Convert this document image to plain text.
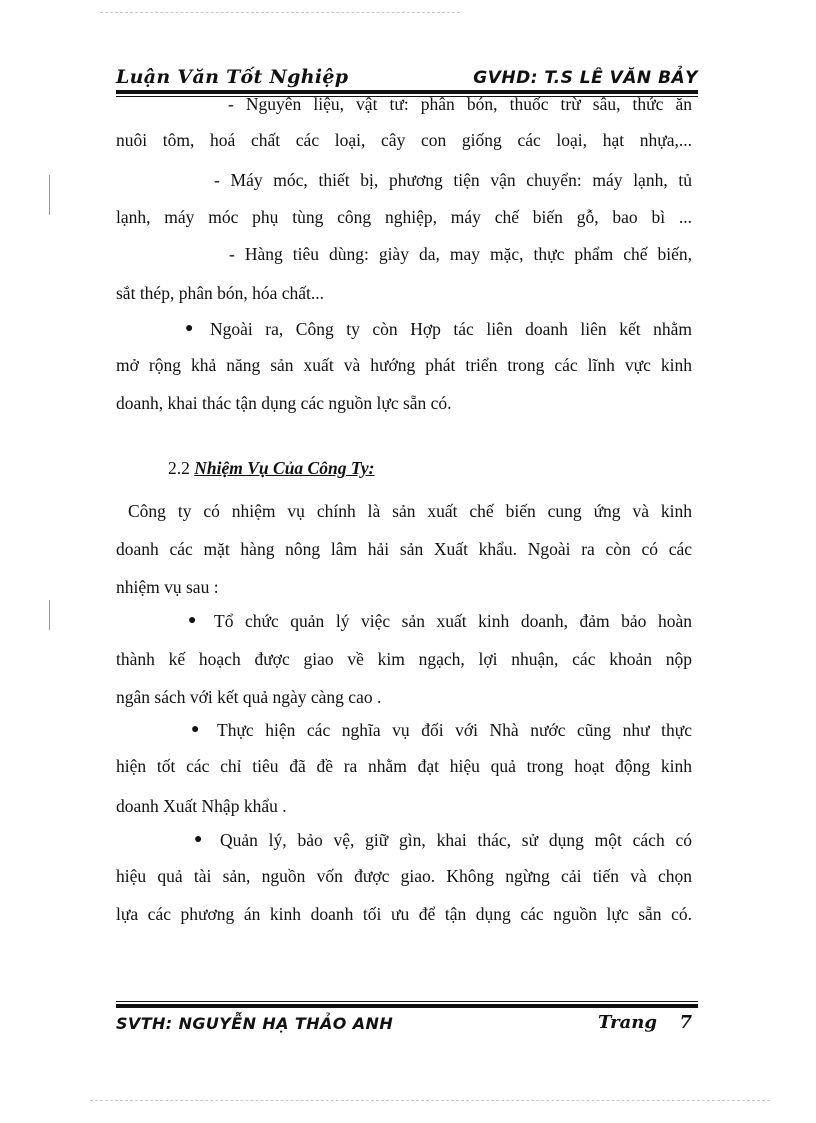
Luận Văn Tốt Nghiệp	GVHD: T.S LÊ VĂN BẢY
- Nguyên liệu, vật tư: phân bón, thuốc trừ sâu, thức ăn
nuôi tôm, hoá chất các loại, cây con giống các loại, hạt nhựa,...
- Máy móc, thiết bị, phương tiện vận chuyển: máy lạnh, tủ
lạnh, máy móc phụ tùng công nghiệp, máy chế biến gỗ, bao bì ...
- Hàng tiêu dùng: giày da, may mặc, thực phẩm chế biến,
sắt thép, phân bón, hóa chất...
● Ngoài ra, Công ty còn Hợp tác liên doanh liên kết nhằm
mở rộng khả năng sản xuất và hướng phát triển trong các lĩnh vực kinh
doanh, khai thác tận dụng các nguồn lực sẵn có.
2.2 Nhiệm Vụ Của Công Ty:
Công ty có nhiệm vụ chính là sản xuất chế biến cung ứng và kinh
doanh các mặt hàng nông lâm hải sản Xuất khẩu. Ngoài ra còn có các
nhiệm vụ sau :
● Tổ chức quản lý việc sản xuất kinh doanh, đảm bảo hoàn
thành kế hoạch được giao về kim ngạch, lợi nhuận, các khoản nộp
ngân sách với kết quả ngày càng cao .
● Thực hiện các nghĩa vụ đối với Nhà nước cũng như thực
hiện tốt các chỉ tiêu đã đề ra nhằm đạt hiệu quả trong hoạt động kinh
doanh Xuất Nhập khẩu .
● Quản lý, bảo vệ, giữ gìn, khai thác, sử dụng một cách có
hiệu quả tài sản, nguồn vốn được giao. Không ngừng cải tiến và chọn
lựa các phương án kinh doanh tối ưu để tận dụng các nguồn lực sẵn có.
SVTH: NGUYỄN HẠ THẢO ANH	Trang 7
